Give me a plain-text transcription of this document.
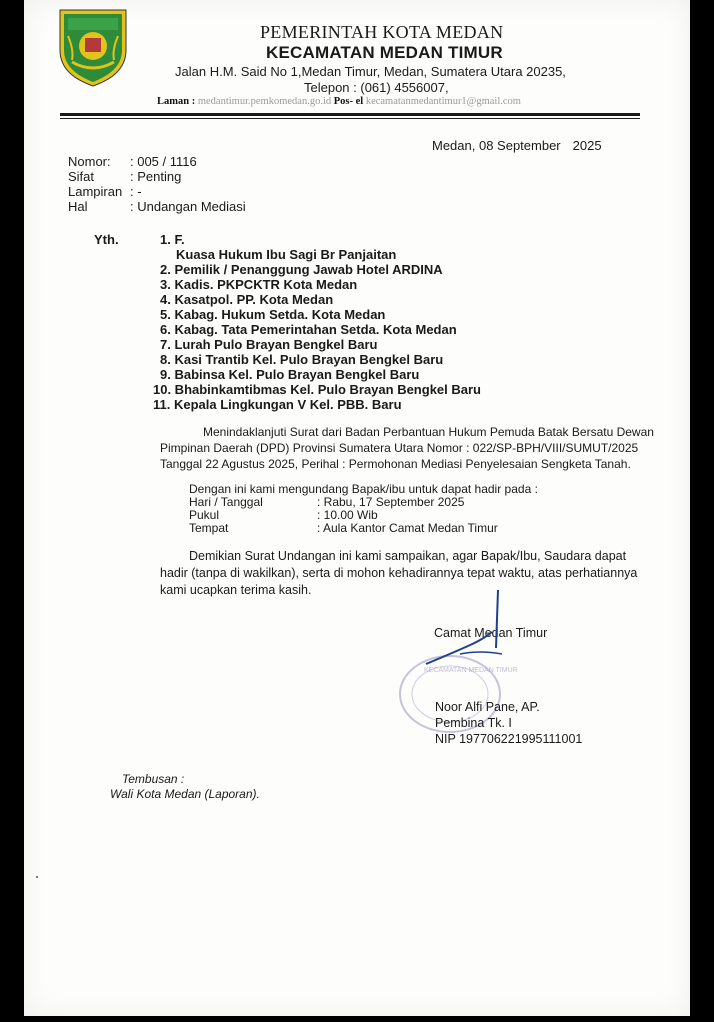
PEMERINTAH KOTA MEDAN
KECAMATAN MEDAN TIMUR
Jalan H.M. Said No 1,Medan Timur, Medan, Sumatera Utara 20235,
Telepon : (061) 4556007,
Laman : medantimur.pemkomedan.go.id Pos- el kecamatanmedantimur1@gmail.com
Medan, 08 September 2025
Nomor: : 005 / 1116
Sifat	: Penting
Lampiran : -
Hal	: Undangan Mediasi
Yth.	1. F.
Kuasa Hukum Ibu Sagi Br Panjaitan
2. Pemilik / Penanggung Jawab Hotel ARDINA
3. Kadis. PKPCKTR Kota Medan
4. Kasatpol. PP. Kota Medan
5. Kabag. Hukum Setda. Kota Medan
6. Kabag. Tata Pemerintahan Setda. Kota Medan
7. Lurah Pulo Brayan Bengkel Baru
8. Kasi Trantib Kel. Pulo Brayan Bengkel Baru
9. Babinsa Kel. Pulo Brayan Bengkel Baru
10. Bhabinkamtibmas Kel. Pulo Brayan Bengkel Baru
11. Kepala Lingkungan V Kel. PBB. Baru
Menindaklanjuti Surat dari Badan Perbantuan Hukum Pemuda Batak Bersatu Dewan
Pimpinan Daerah (DPD) Provinsi Sumatera Utara Nomor : 022/SP-BPH/VIII/SUMUT/2025
Tanggal 22 Agustus 2025, Perihal : Permohonan Mediasi Penyelesaian Sengketa Tanah.
Dengan ini kami mengundang Bapak/ibu untuk dapat hadir pada :
Hari / Tanggal	: Rabu, 17 September 2025
Pukul	: 10.00 Wib
Tempat	: Aula Kantor Camat Medan Timur
Demikian Surat Undangan ini kami sampaikan, agar Bapak/Ibu, Saudara dapat
hadir (tanpa di wakilkan), serta di mohon kehadirannya tepat waktu, atas perhatiannya
kami ucapkan terima kasih.
Camat Medan Timur
KECAMATAN MEDAN TIMUR
Noor Alfi Pane, AP.
Pembina Tk. I
NIP 197706221995111001
Tembusan :
Wali Kota Medan (Laporan).
